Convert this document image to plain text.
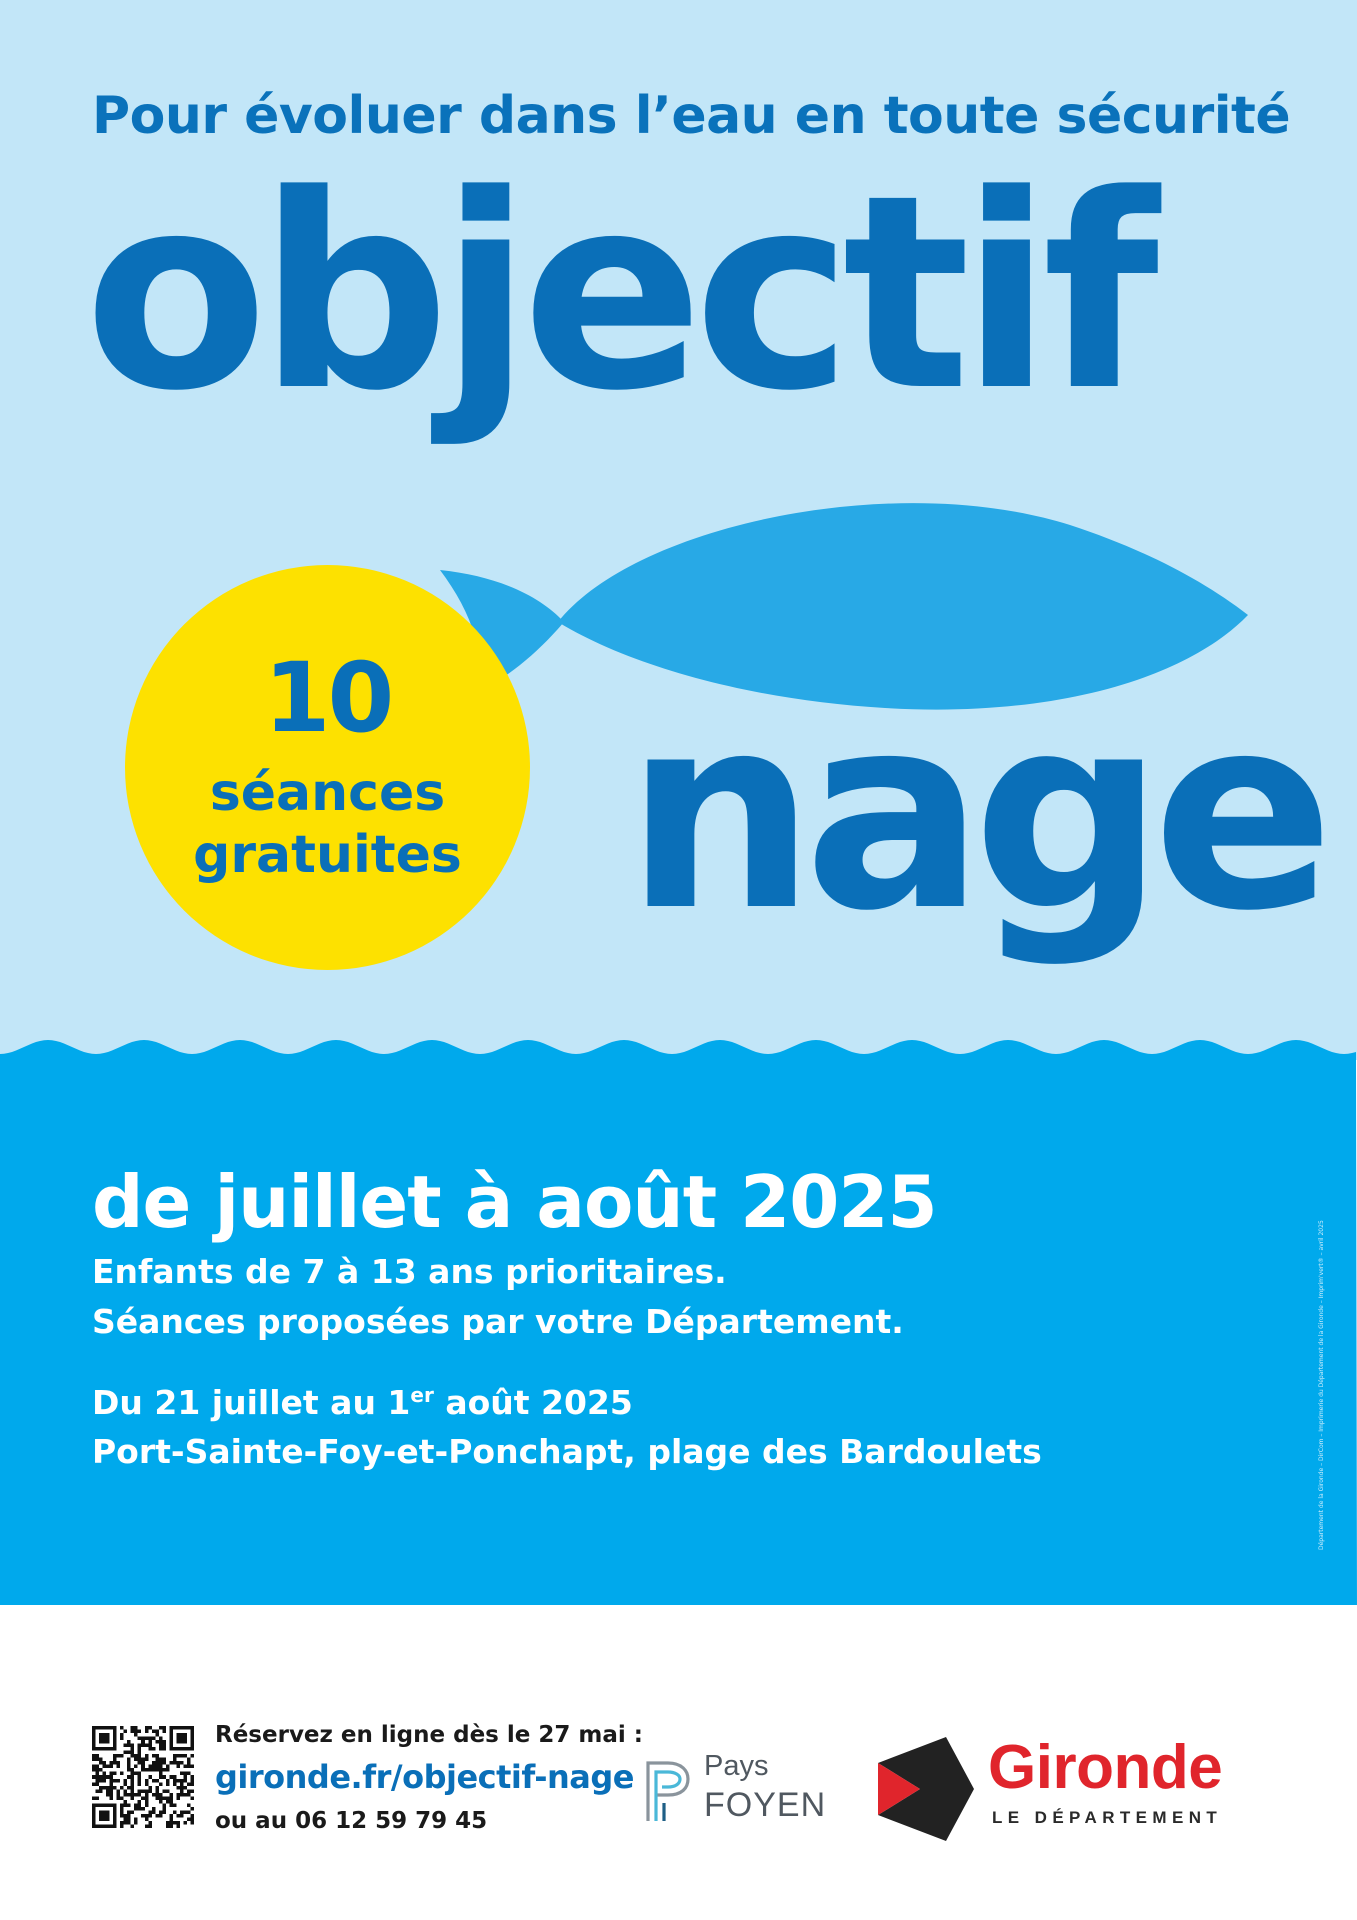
Pour évoluer dans l’eau en toute sécurité
objectif
10
séances
gratuites nage
de juillet à août 2025
Enfants de 7 à 13 ans prioritaires.
Séances proposées par votre Département.
Du 21 juillet au 1er août 2025
Port-Sainte-Foy-et-Ponchapt, plage des Bardoulets	Département de la Gironde – DirCom – Imprimerie du Département de la Gironde – Imprim'vert® – avril 2025
Réservez en ligne dès le 27 mai :
gironde.fr/objectif-nage
ou au 06 12 59 79 45
Pays
FOYEN
Gironde
LE DÉPARTEMENT
